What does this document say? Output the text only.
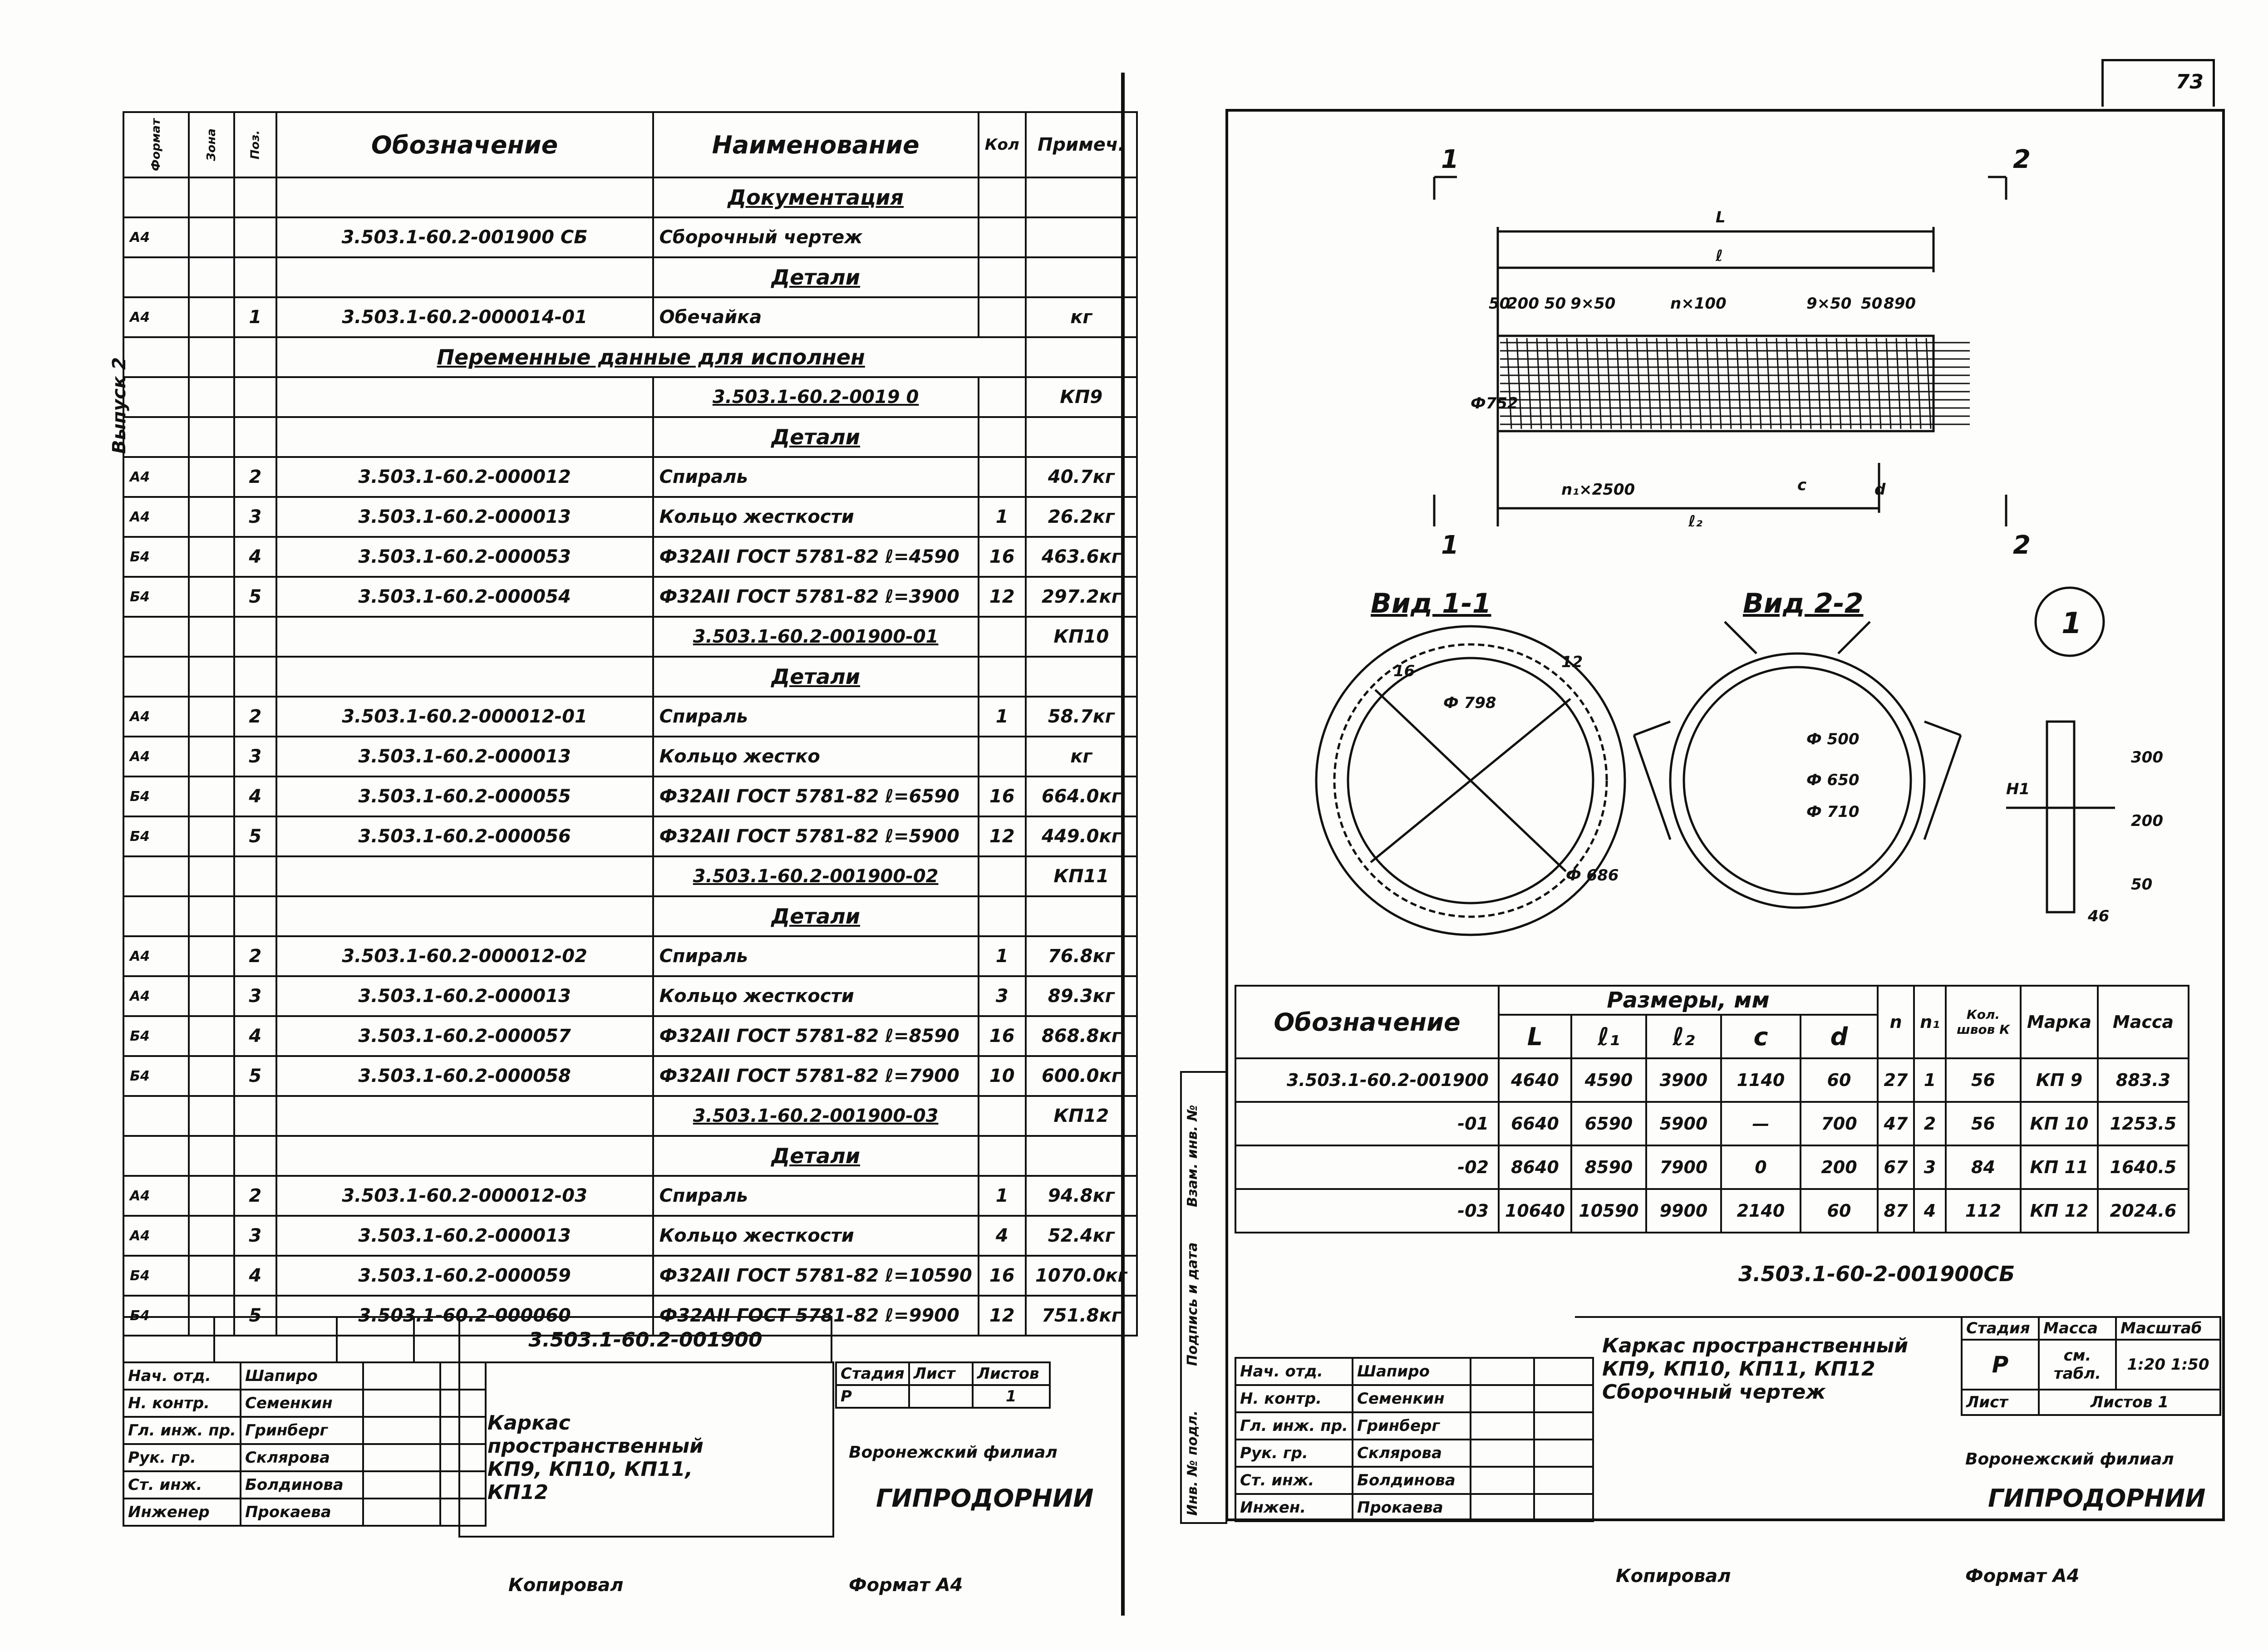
Выпуск 2
Формат	Зона	Поз.	Обозначение	Наименование	Кол	Примеч.
				Документация		
А4			3.503.1-60.2-001900 СБ	Сборочный чертеж		
				Детали		
А4		1	3.503.1-60.2-000014-01	Обечайка		кг
			Переменные данные для исполнен			
				3.503.1-60.2-0019 0		КП9
				Детали		
А4		2	3.503.1-60.2-000012	Спираль		40.7кг
А4		3	3.503.1-60.2-000013	Кольцо жесткости	1	26.2кг
Б4		4	3.503.1-60.2-000053	Ф32АII ГОСТ 5781-82 ℓ=4590	16	463.6кг
Б4		5	3.503.1-60.2-000054	Ф32АII ГОСТ 5781-82 ℓ=3900	12	297.2кг
				3.503.1-60.2-001900-01		КП10
				Детали		
А4		2	3.503.1-60.2-000012-01	Спираль	1	58.7кг
А4		3	3.503.1-60.2-000013	Кольцо жестко		кг
Б4		4	3.503.1-60.2-000055	Ф32АII ГОСТ 5781-82 ℓ=6590	16	664.0кг
Б4		5	3.503.1-60.2-000056	Ф32АII ГОСТ 5781-82 ℓ=5900	12	449.0кг
				3.503.1-60.2-001900-02		КП11
				Детали		
А4		2	3.503.1-60.2-000012-02	Спираль	1	76.8кг
А4		3	3.503.1-60.2-000013	Кольцо жесткости	3	89.3кг
Б4		4	3.503.1-60.2-000057	Ф32АII ГОСТ 5781-82 ℓ=8590	16	868.8кг
Б4		5	3.503.1-60.2-000058	Ф32АII ГОСТ 5781-82 ℓ=7900	10	600.0кг
				3.503.1-60.2-001900-03		КП12
				Детали		
А4		2	3.503.1-60.2-000012-03	Спираль	1	94.8кг
А4		3	3.503.1-60.2-000013	Кольцо жесткости	4	52.4кг
Б4		4	3.503.1-60.2-000059	Ф32АII ГОСТ 5781-82 ℓ=10590	16	1070.0кг
Б4		5	3.503.1-60.2-000060	Ф32АII ГОСТ 5781-82 ℓ=9900	12	751.8кг
				3.503.1-60.2-001900
Нач. отд.	Шапиро		
Н. контр.	Семенкин		
Гл. инж. пр.	Гринберг		
Рук. гр.	Склярова		
Ст. инж.	Болдинова		
Инженер	Прокаева		
Каркас пространственный КП9, КП10, КП11, КП12
Стадия	Лист	Листов
Р		1
Воронежский филиал
ГИПРОДОРНИИ
Копировал	Формат А4
73
1	2
1	2
Вид 1-1	Вид 2-2
1
L
ℓ
ℓ₂
50
200 50 9×50	n×100	9×50 50 890
Ф752
n₁×2500	c	d
Ф 798
Ф 500
Ф 650
Ф 710
Ф 686
16	12
300
200
50
46
Н1
Инв. № подл.
Подпись и дата
Взам. инв. №
Обозначение	Размеры, мм					n	n₁	Кол. швов К	Марка	Масса
	L	ℓ₁	ℓ₂	c	d					
3.503.1-60.2-001900	4640	4590	3900	1140	60	27	1	56	КП 9	883.3
-01	6640	6590	5900	—	700	47	2	56	КП 10	1253.5
-02	8640	8590	7900	0	200	67	3	84	КП 11	1640.5
-03	10640	10590	9900	2140	60	87	4	112	КП 12	2024.6
3.503.1-60-2-001900СБ
Нач. отд.	Шапиро		
Н. контр.	Семенкин		
Гл. инж. пр.	Гринберг		
Рук. гр.	Склярова		
Ст. инж.	Болдинова		
Инжен.	Прокаева		
Каркас пространственный КП9, КП10, КП11, КП12 Сборочный чертеж
Стадия	Масса	Масштаб
Р	см. табл.	1:20 1:50
Лист	Листов 1	
Воронежский филиал
ГИПРОДОРНИИ
Копировал	Формат А4
